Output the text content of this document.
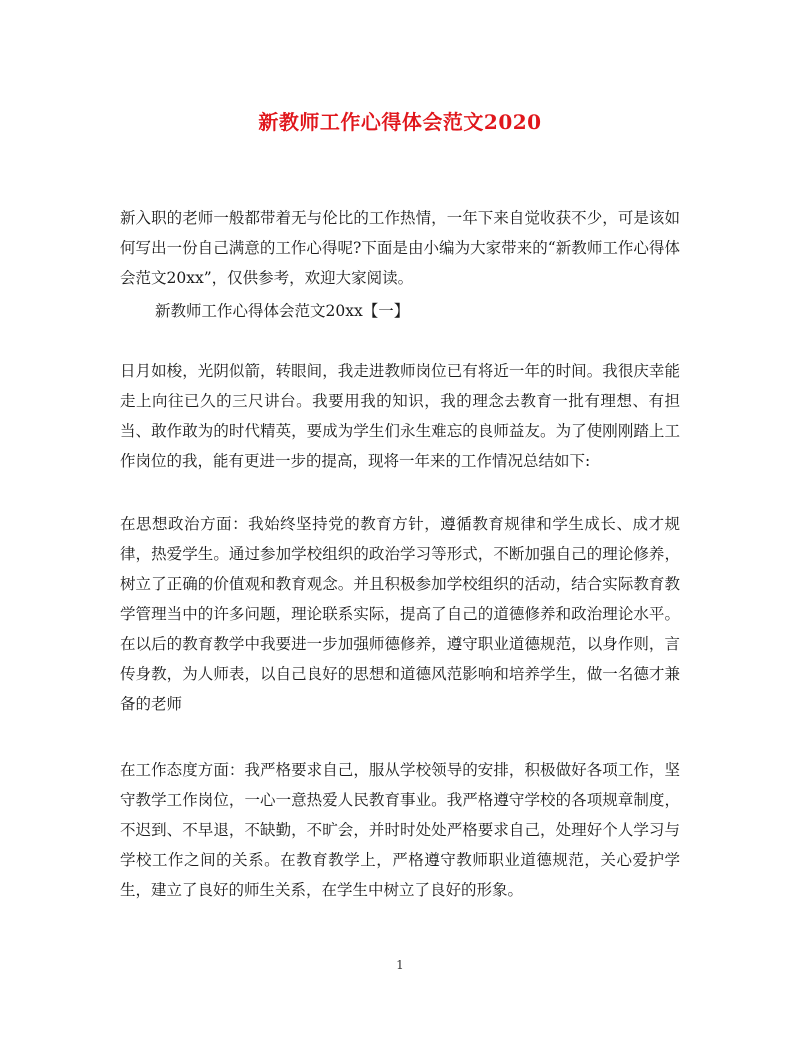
新教师工作心得体会范文2020

新入职的老师一般都带着无与伦比的工作热情，一年下来自觉收获不少，可是该如何写出一份自己满意的工作心得呢?下面是由小编为大家带来的“新教师工作心得体会范文20xx”，仅供参考，欢迎大家阅读。

新教师工作心得体会范文20xx【一】

日月如梭，光阴似箭，转眼间，我走进教师岗位已有将近一年的时间。我很庆幸能走上向往已久的三尺讲台。我要用我的知识，我的理念去教育一批有理想、有担当、敢作敢为的时代精英，要成为学生们永生难忘的良师益友。为了使刚刚踏上工作岗位的我，能有更进一步的提高，现将一年来的工作情况总结如下:

在思想政治方面：我始终坚持党的教育方针，遵循教育规律和学生成长、成才规律，热爱学生。通过参加学校组织的政治学习等形式，不断加强自己的理论修养，树立了正确的价值观和教育观念。并且积极参加学校组织的活动，结合实际教育教学管理当中的许多问题，理论联系实际，提高了自己的道德修养和政治理论水平。在以后的教育教学中我要进一步加强师德修养，遵守职业道德规范，以身作则，言传身教，为人师表，以自己良好的思想和道德风范影响和培养学生，做一名德才兼备的老师

在工作态度方面：我严格要求自己，服从学校领导的安排，积极做好各项工作，坚守教学工作岗位，一心一意热爱人民教育事业。我严格遵守学校的各项规章制度，不迟到、不早退，不缺勤，不旷会，并时时处处严格要求自己，处理好个人学习与学校工作之间的关系。在教育教学上，严格遵守教师职业道德规范，关心爱护学生，建立了良好的师生关系，在学生中树立了良好的形象。

1
